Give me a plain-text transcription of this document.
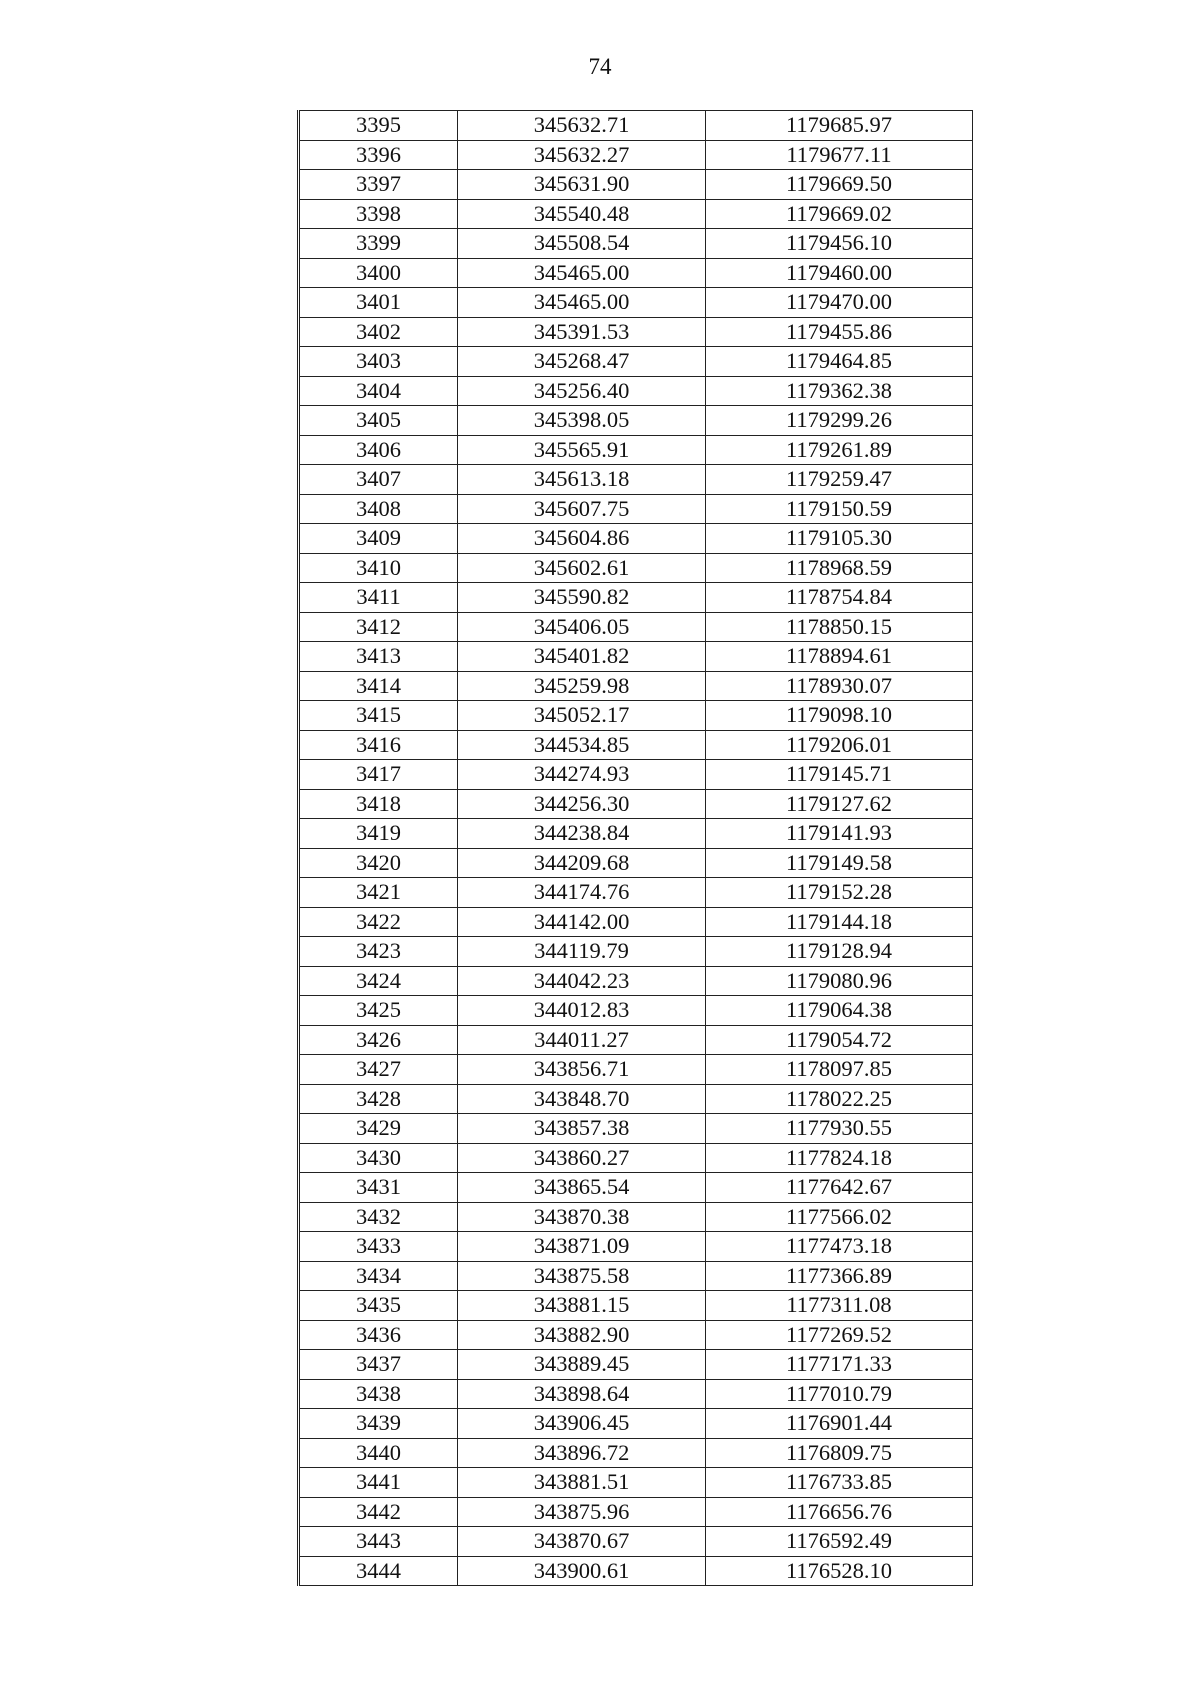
74
3395	345632.71	1179685.97
3396	345632.27	1179677.11
3397	345631.90	1179669.50
3398	345540.48	1179669.02
3399	345508.54	1179456.10
3400	345465.00	1179460.00
3401	345465.00	1179470.00
3402	345391.53	1179455.86
3403	345268.47	1179464.85
3404	345256.40	1179362.38
3405	345398.05	1179299.26
3406	345565.91	1179261.89
3407	345613.18	1179259.47
3408	345607.75	1179150.59
3409	345604.86	1179105.30
3410	345602.61	1178968.59
3411	345590.82	1178754.84
3412	345406.05	1178850.15
3413	345401.82	1178894.61
3414	345259.98	1178930.07
3415	345052.17	1179098.10
3416	344534.85	1179206.01
3417	344274.93	1179145.71
3418	344256.30	1179127.62
3419	344238.84	1179141.93
3420	344209.68	1179149.58
3421	344174.76	1179152.28
3422	344142.00	1179144.18
3423	344119.79	1179128.94
3424	344042.23	1179080.96
3425	344012.83	1179064.38
3426	344011.27	1179054.72
3427	343856.71	1178097.85
3428	343848.70	1178022.25
3429	343857.38	1177930.55
3430	343860.27	1177824.18
3431	343865.54	1177642.67
3432	343870.38	1177566.02
3433	343871.09	1177473.18
3434	343875.58	1177366.89
3435	343881.15	1177311.08
3436	343882.90	1177269.52
3437	343889.45	1177171.33
3438	343898.64	1177010.79
3439	343906.45	1176901.44
3440	343896.72	1176809.75
3441	343881.51	1176733.85
3442	343875.96	1176656.76
3443	343870.67	1176592.49
3444	343900.61	1176528.10
